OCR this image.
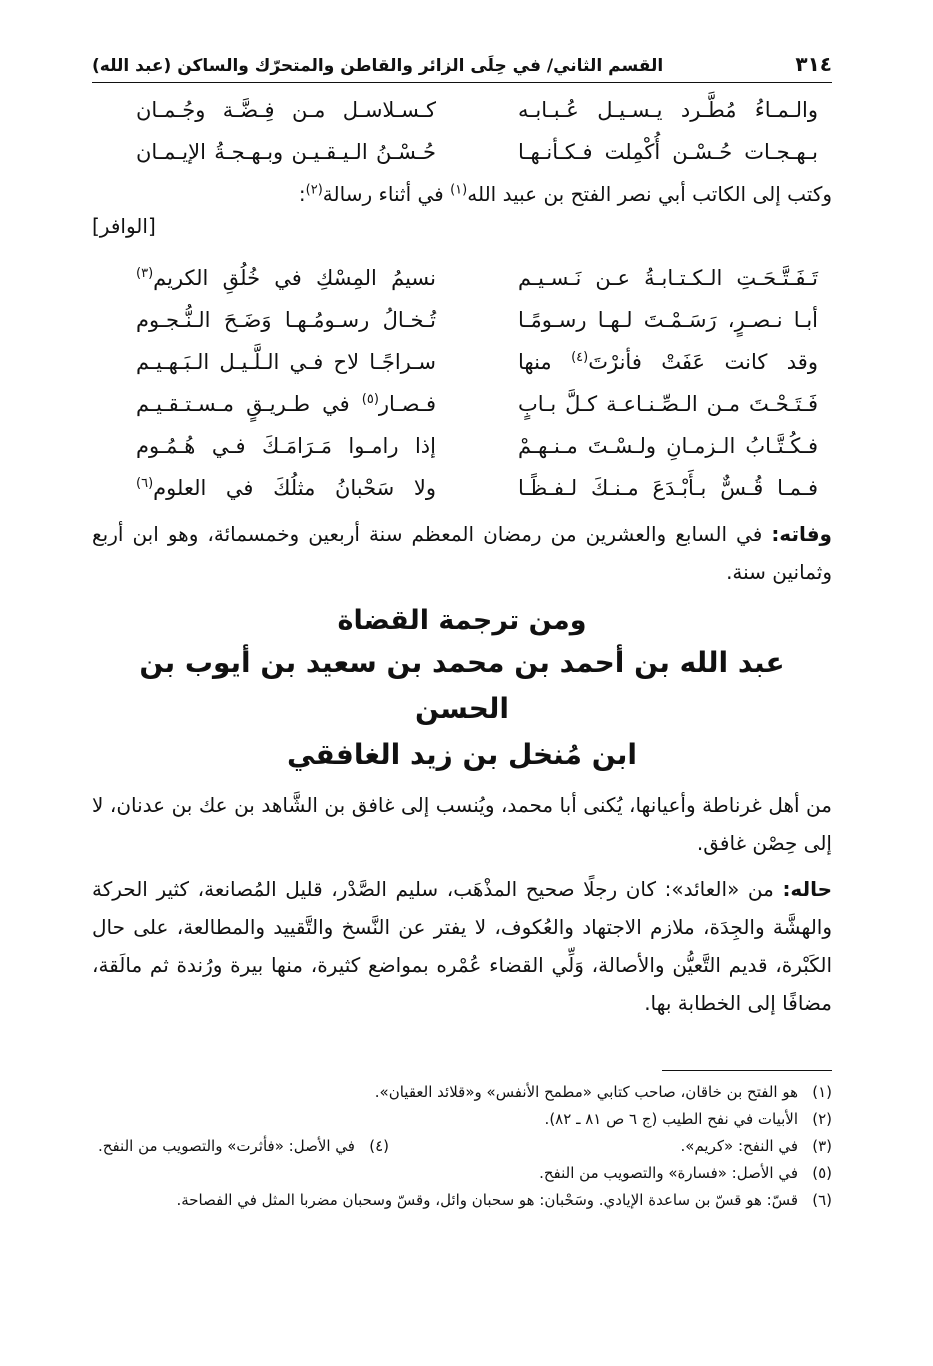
٣١٤
القسم الثاني/ في حِلَى الزائر والقاطن والمتحرّك والساكن (عبد الله)
والـمـاءُ مُطَّـرد يـسـيـل عُـبـابـه
كـسـلاسـل مـن فِـضَّـة وجُـمـان
بـهـجـات حُـسْـن أُكْمِلت فـكـأنـهـا
حُـسْـنُ الـيـقـيـن وبـهـجـةُ الإيـمـان

وكتب إلى الكاتب أبي نصر الفتح بن عبيد الله$^{(١)}$ في أثناء رسالة$^{(٢)}$:

[الوافر]
تَـفَـتَّـحَـتِ الـكـتـابـةُ عـن نَـسـيـم
نسيمُ المِسْكِ في خُلُقِ الكريم$^{(٣)}$
أبـا نـصـرٍ، رَسَـمْـتَ لـهـا رسـومًـا
تُـخـالُ رسـومُـهـا وَضَـحَ الـنُّـجـوم
وقد كانت عَفَتْ فأنرْتَ$^{(٤)}$ منها
سـراجًـا لاح فـي الـلَّـيـل الـبَـهـيـم
فَـتَـحْـتَ مـن الـصِّـنـاعـة كـلَّ بـابٍ
فـصـار$^{(٥)}$ في طـريـقٍ مـسـتـقـيـم
فـكُـتَّـابُ الـزمـانِ ولـسْـتَ مـنـهـمْ
إذا رامـوا مَـرَامَـكَ فـي هُـمُـوم
فـمـا قُـسٌّ بـأَبْـدَعَ مـنـكَ لـفـظًـا
ولا سَحْبانُ مثلُكَ في العلوم$^{(٦)}$

وفاته: في السابع والعشرين من رمضان المعظم سنة أربعين وخمسمائة، وهو ابن أربع وثمانين سنة.

ومن ترجمة القضاة

عبد الله بن أحمد بن محمد بن سعيد بن أيوب بن الحسن

ابن مُنخل بن زيد الغافقي

من أهل غرناطة وأعيانها، يُكنى أبا محمد، ويُنسب إلى غافق بن الشَّاهد بن عك بن عدنان، لا إلى حِصْن غافق.

حاله: من «العائد»: كان رجلًا صحيح المذْهَب، سليم الصَّدْر، قليل المُصانعة، كثير الحركة والهشَّة والجِدَة، ملازم الاجتهاد والعُكوف، لا يفتر عن النَّسخ والتَّقييد والمطالعة، على حال الكَبْرة، قديم التَّعيُّن والأصالة، وَلِّي القضاء عُمْره بمواضع كثيرة، منها بيرة ورُندة ثم مالَقة، مضافًا إلى الخطابة بها.

(١)
هو الفتح بن خاقان، صاحب كتابي «مطمح الأنفس» و«قلائد العقيان».
(٢)
الأبيات في نفح الطيب (ج ٦ ص ٨١ ـ ٨٢).
(٣)
في النفح: «كريم».
(٤)
في الأصل: «فأثرت» والتصويب من النفح.
(٥)
في الأصل: «فسارة» والتصويب من النفح.
(٦)
قسّ: هو قسّ بن ساعدة الإيادي. وسَحْبان: هو سحبان وائل، وقسّ وسحبان مضربا المثل في الفصاحة.
